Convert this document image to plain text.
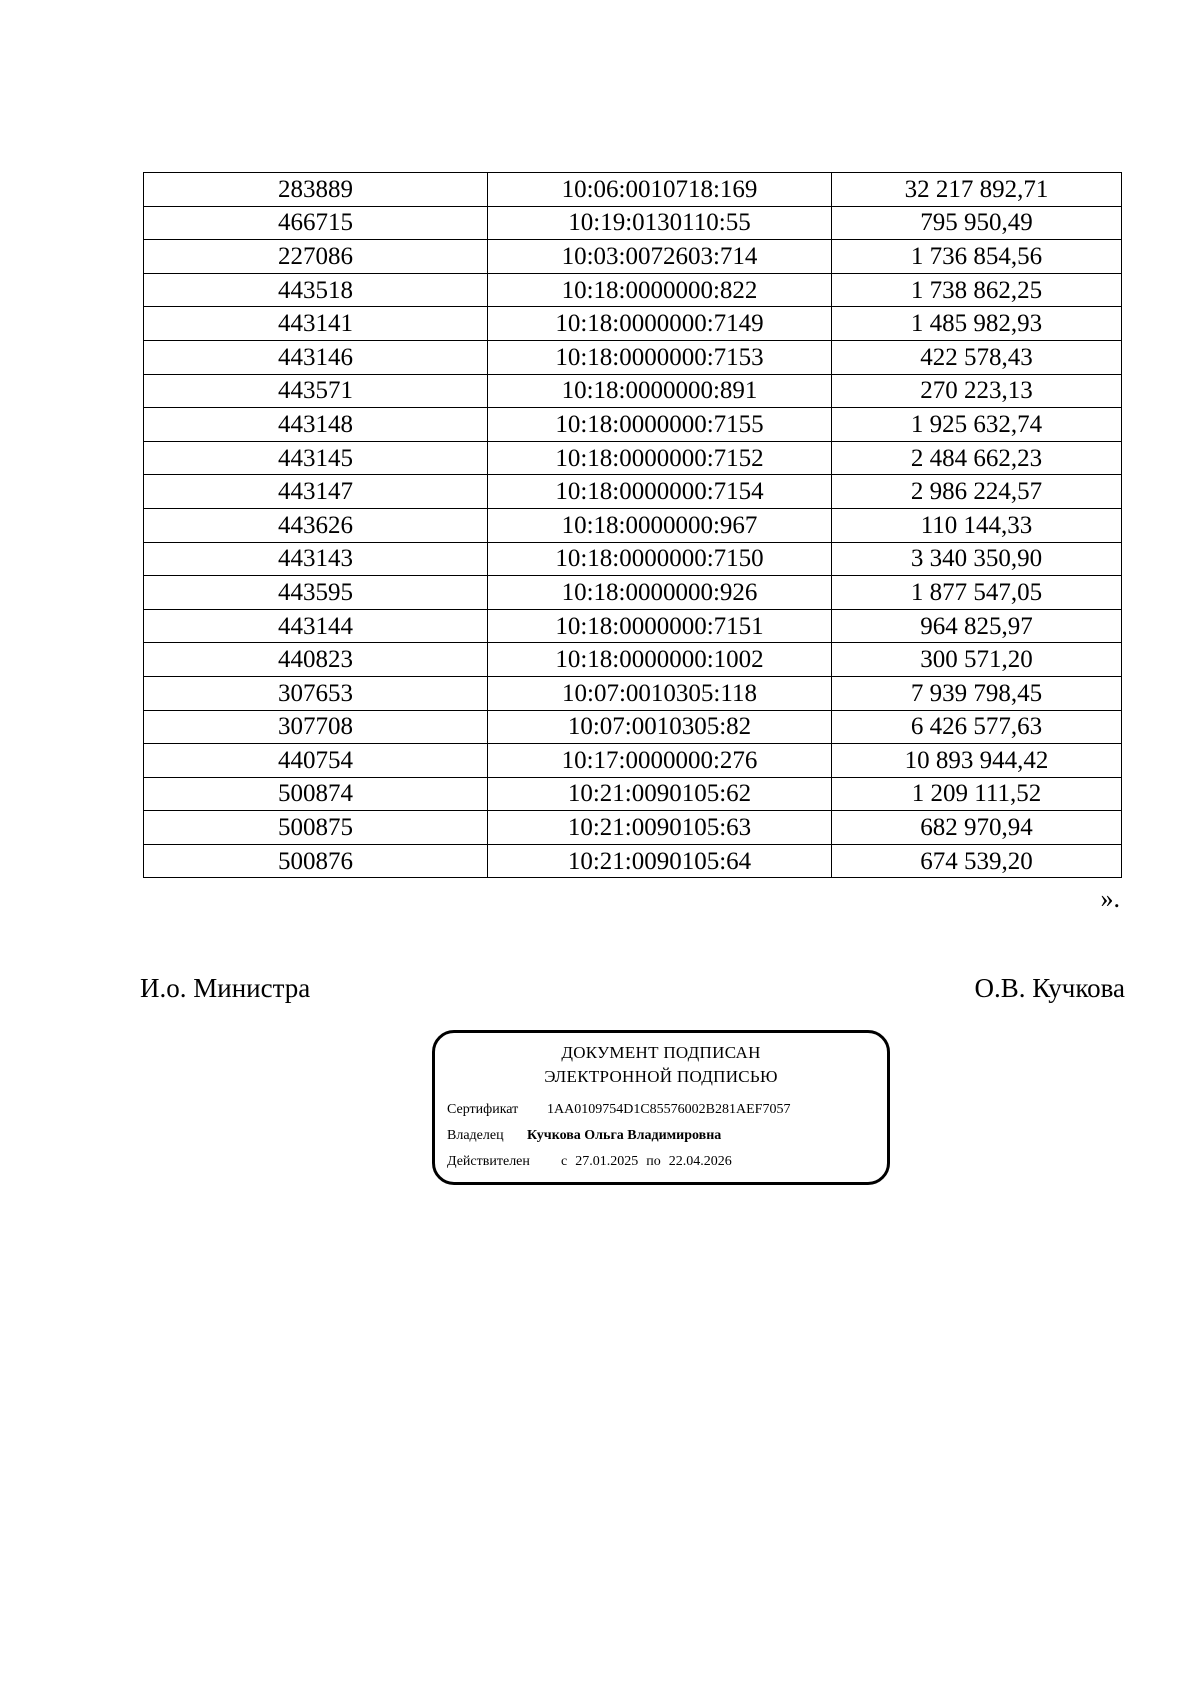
283889	10:06:0010718:169	32 217 892,71
466715	10:19:0130110:55	795 950,49
227086	10:03:0072603:714	1 736 854,56
443518	10:18:0000000:822	1 738 862,25
443141	10:18:0000000:7149	1 485 982,93
443146	10:18:0000000:7153	422 578,43
443571	10:18:0000000:891	270 223,13
443148	10:18:0000000:7155	1 925 632,74
443145	10:18:0000000:7152	2 484 662,23
443147	10:18:0000000:7154	2 986 224,57
443626	10:18:0000000:967	110 144,33
443143	10:18:0000000:7150	3 340 350,90
443595	10:18:0000000:926	1 877 547,05
443144	10:18:0000000:7151	964 825,97
440823	10:18:0000000:1002	300 571,20
307653	10:07:0010305:118	7 939 798,45
307708	10:07:0010305:82	6 426 577,63
440754	10:17:0000000:276	10 893 944,42
500874	10:21:0090105:62	1 209 111,52
500875	10:21:0090105:63	682 970,94
500876	10:21:0090105:64	674 539,20
».
И.о. Министра	О.В. Кучкова
ДОКУМЕНТ ПОДПИСАН
ЭЛЕКТРОННОЙ ПОДПИСЬЮ
Сертификат 1AA0109754D1C85576002B281AEF7057
Владелец Кучкова Ольга Владимировна
Действителен с 27.01.2025 по 22.04.2026
